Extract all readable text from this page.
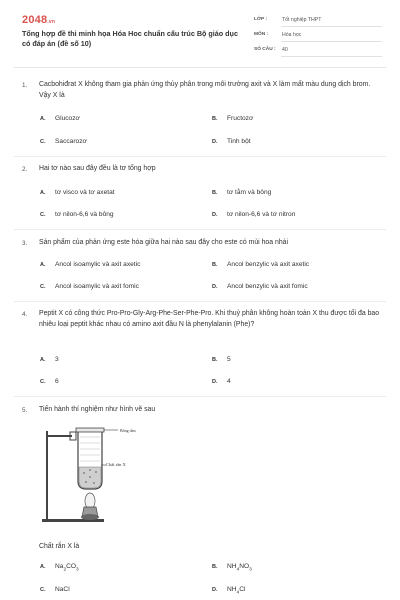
2048.vn
Tổng hợp đề thi minh họa Hóa Hoc chuẩn cấu trúc Bộ giáo dục có đáp án (đề số 10)
LỚP :	Tốt nghiệp THPT
MÔN :	Hóa học
SỐ CÂU : 40
1. Cacbohiđrat X không tham gia phản ứng thủy phân trong môi trường axit và X làm mất màu dung dịch brom. Vậy X là
A. Glucozơ	B. Fructozơ
C. Saccarozơ	D. Tinh bột
2. Hai tơ nào sau đây đều là tơ tổng hợp
A. tơ visco và tơ axetat	B. tơ tằm và bông
C. tơ nilon-6,6 và bông	D. tơ nilon-6,6 và tơ nitron
3. Sản phẩm của phản ứng este hóa giữa hai nào sau đây cho este có mùi hoa nhài
A. Ancol isoamylic và axit axetic	B. Ancol benzylic và axit axetic
C. Ancol isoamylic và axit fomic	D. Ancol benzylic và axit fomic
4. Peptit X có công thức Pro-Pro-Gly-Arg-Phe-Ser-Phe-Pro. Khi thuỷ phân không hoàn toàn X thu được tối đa bao nhiêu loại peptit khác nhau có amino axit đầu N là phenylalanin (Phe)?
A. 3	B. 5
C. 6	D. 4
5. Tiến hành thí nghiệm như hình vẽ sau
Bông tẩm
Chất rắn X
Chất rắn X là
A. $Na_2CO_3$	B. $NH_4NO_3$
C. NaCl	D. $NH_4Cl$
